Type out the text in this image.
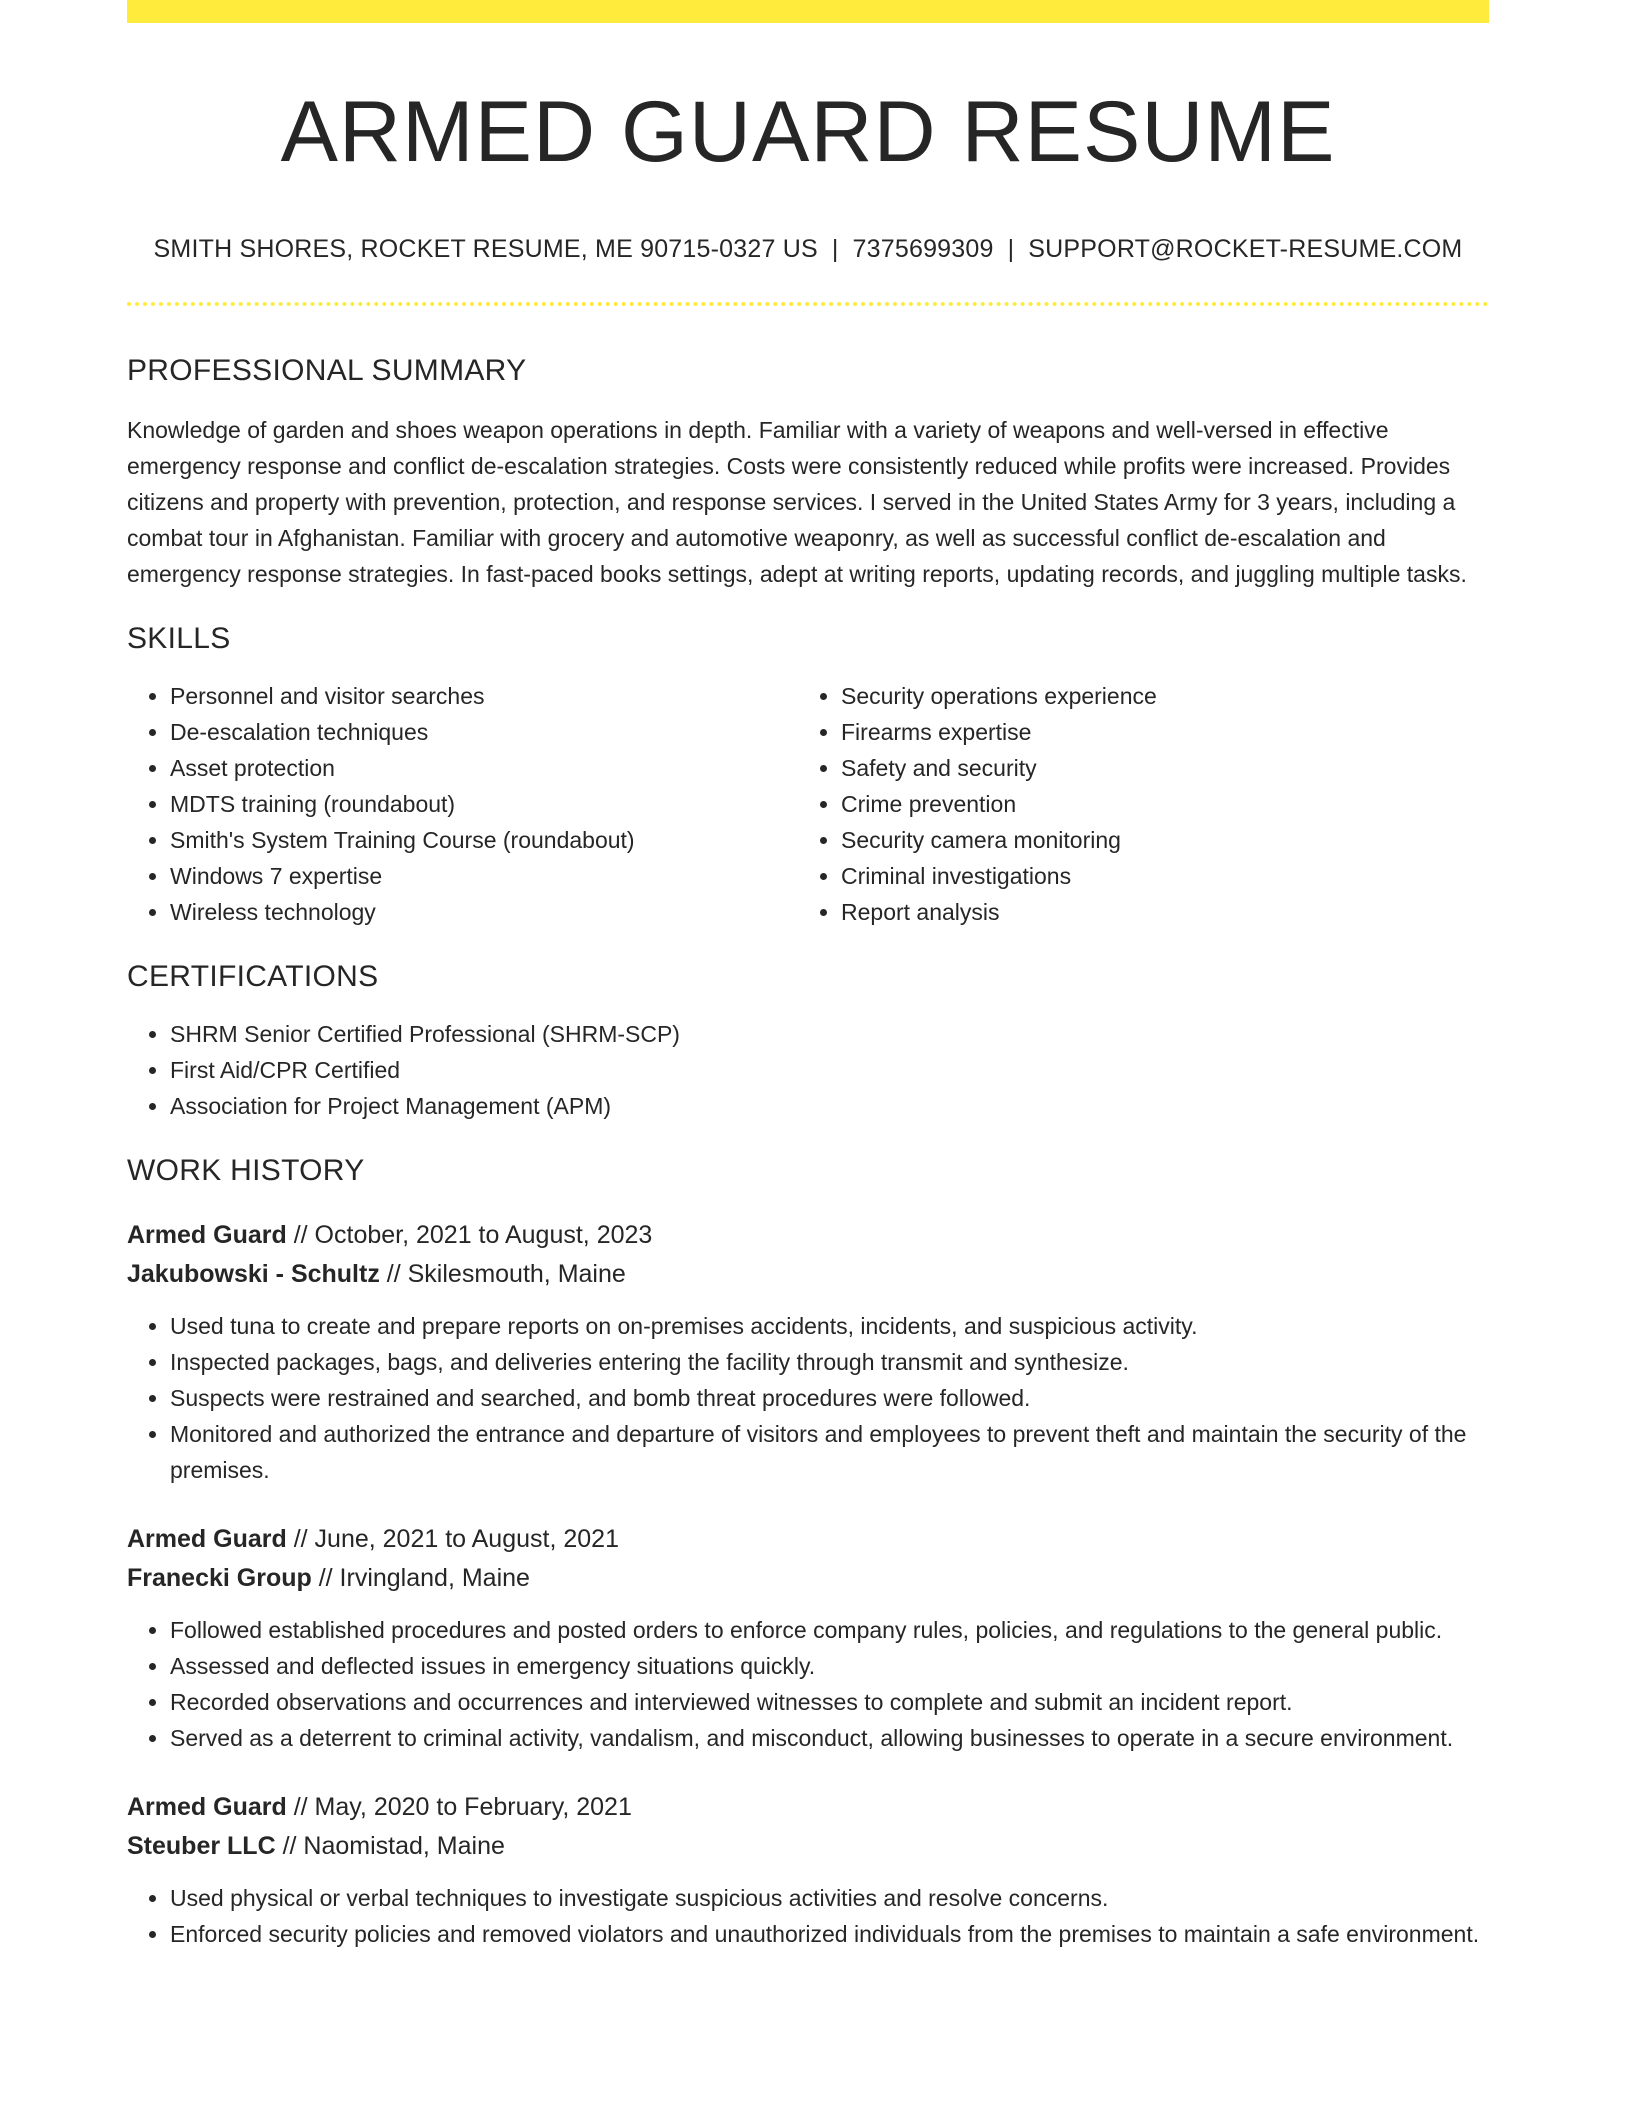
ARMED GUARD RESUME
SMITH SHORES, ROCKET RESUME, ME 90715-0327 US | 7375699309 | SUPPORT@ROCKET-RESUME.COM
PROFESSIONAL SUMMARY

Knowledge of garden and shoes weapon operations in depth. Familiar with a variety of weapons and well-versed in effective emergency response and conflict de-escalation strategies. Costs were consistently reduced while profits were increased. Provides citizens and property with prevention, protection, and response services. I served in the United States Army for 3 years, including a combat tour in Afghanistan. Familiar with grocery and automotive weaponry, as well as successful conflict de-escalation and emergency response strategies. In fast-paced books settings, adept at writing reports, updating records, and juggling multiple tasks.

SKILLS
• Personnel and visitor searches
• De-escalation techniques
• Asset protection
• MDTS training (roundabout)
• Smith's System Training Course (roundabout)
• Windows 7 expertise
• Wireless technology
• Security operations experience
• Firearms expertise
• Safety and security
• Crime prevention
• Security camera monitoring
• Criminal investigations
• Report analysis
CERTIFICATIONS
• SHRM Senior Certified Professional (SHRM-SCP)
• First Aid/CPR Certified
• Association for Project Management (APM)
WORK HISTORY
Armed Guard // October, 2021 to August, 2023
Jakubowski - Schultz // Skilesmouth, Maine
• Used tuna to create and prepare reports on on-premises accidents, incidents, and suspicious activity.
• Inspected packages, bags, and deliveries entering the facility through transmit and synthesize.
• Suspects were restrained and searched, and bomb threat procedures were followed.
• Monitored and authorized the entrance and departure of visitors and employees to prevent theft and maintain the security of the premises.
Armed Guard // June, 2021 to August, 2021
Franecki Group // Irvingland, Maine
• Followed established procedures and posted orders to enforce company rules, policies, and regulations to the general public.
• Assessed and deflected issues in emergency situations quickly.
• Recorded observations and occurrences and interviewed witnesses to complete and submit an incident report.
• Served as a deterrent to criminal activity, vandalism, and misconduct, allowing businesses to operate in a secure environment.
Armed Guard // May, 2020 to February, 2021
Steuber LLC // Naomistad, Maine
• Used physical or verbal techniques to investigate suspicious activities and resolve concerns.
• Enforced security policies and removed violators and unauthorized individuals from the premises to maintain a safe environment.
